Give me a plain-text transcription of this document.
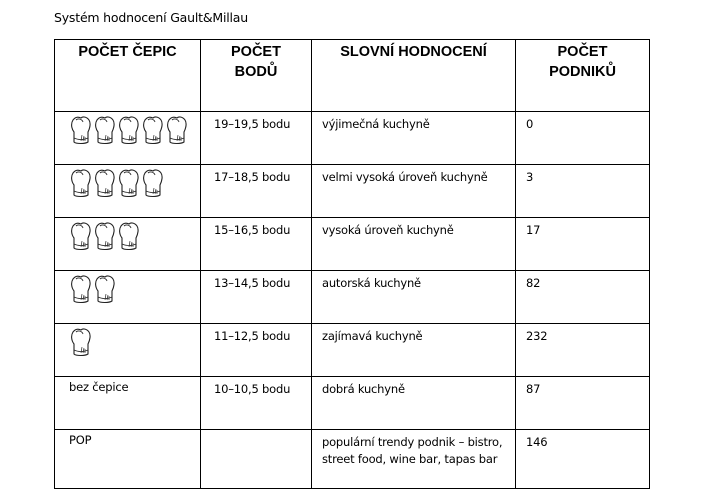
Systém hodnocení Gault&Millau
POČET ČEPIC	POČET BODŮ	SLOVNÍ HODNOCENÍ	POČET PODNIKŮ

	19–19,5 bodu	výjimečná kuchyně	0

	17–18,5 bodu	velmi vysoká úroveň kuchyně	3

	15–16,5 bodu	vysoká úroveň kuchyně	17

	13–14,5 bodu	autorská kuchyně	82

	11–12,5 bodu	zajímavá kuchyně	232
bez čepice	10–10,5 bodu	dobrá kuchyně	87
POP		populární trendy podnik – bistro, street food, wine bar, tapas bar	146
